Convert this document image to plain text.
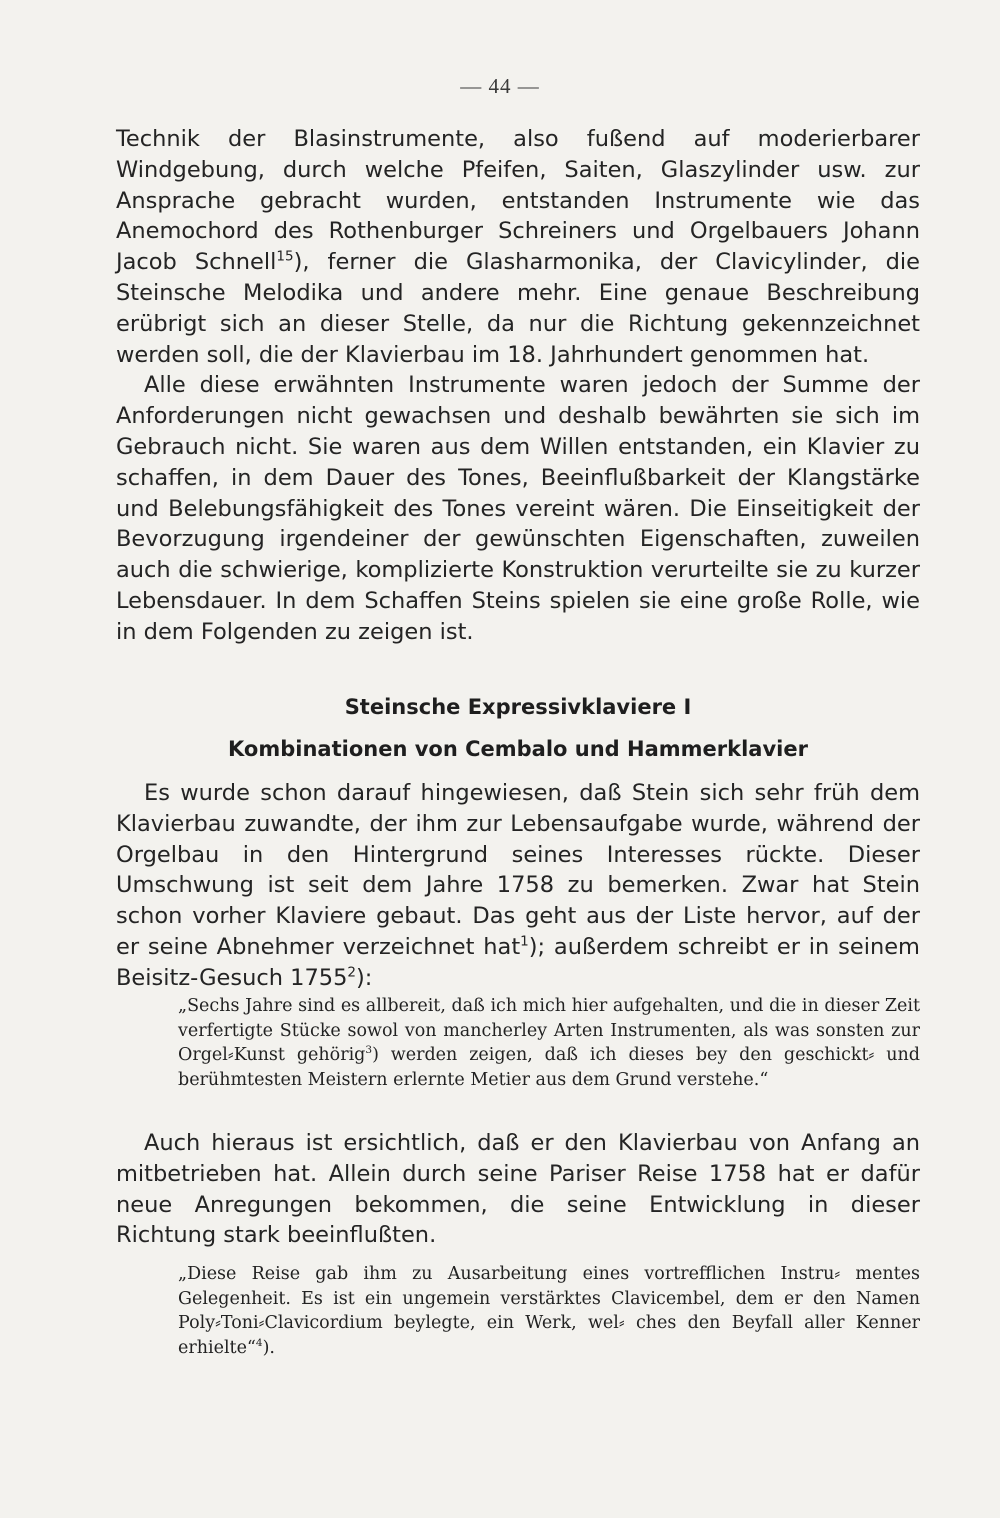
— 44 —

Technik der Blasinstrumente, also fußend auf moderierbarer Windgebung, durch welche Pfeifen, Saiten, Glaszylinder usw. zur Ansprache gebracht wurden, entstanden Instrumente wie das Anemochord des Rothenburger Schreiners und Orgelbauers Johann Jacob Schnell$^{15}$), ferner die Glasharmonika, der Clavicylinder, die Steinsche Melodika und andere mehr. Eine genaue Beschreibung erübrigt sich an dieser Stelle, da nur die Richtung gekennzeichnet werden soll, die der Klavierbau im 18. Jahrhundert genommen hat.

Alle diese erwähnten Instrumente waren jedoch der Summe der Anforderungen nicht gewachsen und deshalb bewährten sie sich im Gebrauch nicht. Sie waren aus dem Willen entstanden, ein Klavier zu schaffen, in dem Dauer des Tones, Beeinflußbarkeit der Klangstärke und Belebungsfähigkeit des Tones vereint wären. Die Einseitigkeit der Bevorzugung irgendeiner der gewünschten Eigenschaften, zuweilen auch die schwierige, komplizierte Konstruktion verurteilte sie zu kurzer Lebensdauer. In dem Schaffen Steins spielen sie eine große Rolle, wie in dem Folgenden zu zeigen ist.

Steinsche Expressivklaviere I
Kombinationen von Cembalo und Hammerklavier

Es wurde schon darauf hingewiesen, daß Stein sich sehr früh dem Klavierbau zuwandte, der ihm zur Lebensaufgabe wurde, während der Orgelbau in den Hintergrund seines Interesses rückte. Dieser Umschwung ist seit dem Jahre 1758 zu bemerken. Zwar hat Stein schon vorher Klaviere gebaut. Das geht aus der Liste hervor, auf der er seine Abnehmer verzeichnet hat$^1$); außerdem schreibt er in seinem Beisitz-Gesuch 1755$^2$):

„Sechs Jahre sind es allbereit, daß ich mich hier aufgehalten, und die in dieser Zeit verfertigte Stücke sowol von mancherley Arten Instrumenten, als was sonsten zur Orgel⸗Kunst gehörig$^3$) werden zeigen, daß ich dieses bey den geschickt⸗ und berühmtesten Meistern erlernte Metier aus dem Grund verstehe.“

Auch hieraus ist ersichtlich, daß er den Klavierbau von Anfang an mitbetrieben hat. Allein durch seine Pariser Reise 1758 hat er dafür neue Anregungen bekommen, die seine Entwicklung in dieser Richtung stark beeinflußten.

„Diese Reise gab ihm zu Ausarbeitung eines vortrefflichen Instru⸗ mentes Gelegenheit. Es ist ein ungemein verstärktes Clavicembel, dem er den Namen Poly⸗Toni⸗Clavicordium beylegte, ein Werk, wel⸗ ches den Beyfall aller Kenner erhielte“$^4$).
